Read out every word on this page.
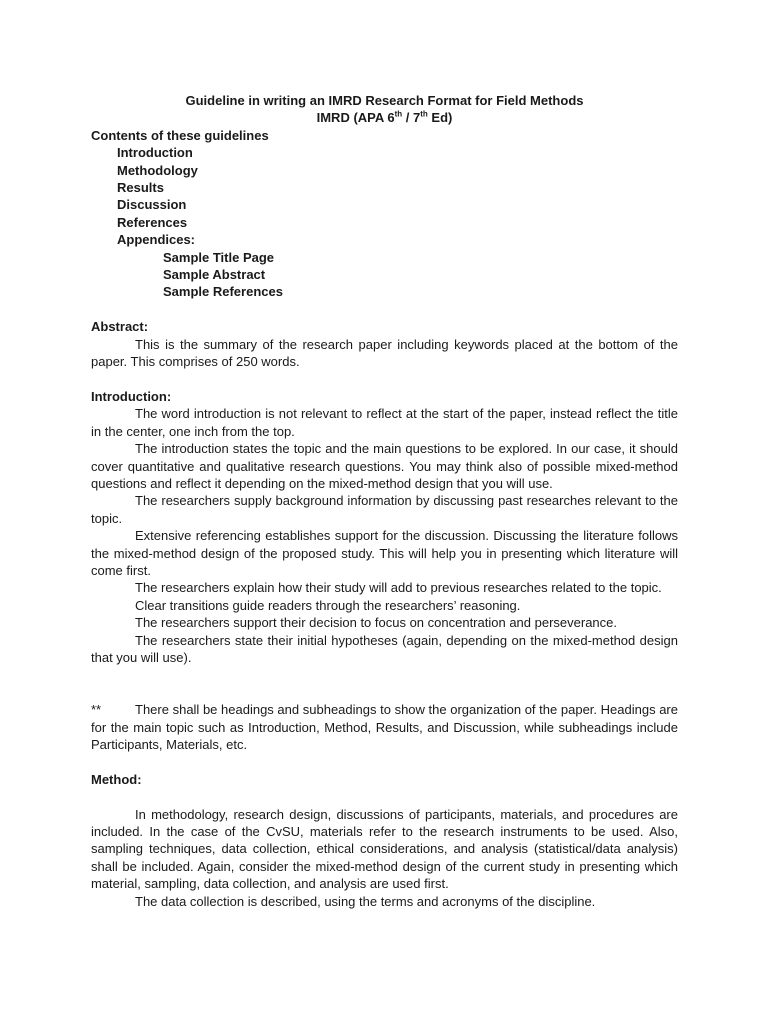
Guideline in writing an IMRD Research Format for Field Methods

IMRD (APA 6th / 7th Ed)

Contents of these guidelines

Introduction
Methodology
Results
Discussion
References
Appendices:
Sample Title Page
Sample Abstract
Sample References

Abstract:

This is the summary of the research paper including keywords placed at the bottom of the paper. This comprises of 250 words.

Introduction:

The word introduction is not relevant to reflect at the start of the paper, instead reflect the title in the center, one inch from the top.

The introduction states the topic and the main questions to be explored. In our case, it should cover quantitative and qualitative research questions. You may think also of possible mixed-method questions and reflect it depending on the mixed-method design that you will use.

The researchers supply background information by discussing past researches relevant to the topic.

Extensive referencing establishes support for the discussion. Discussing the literature follows the mixed-method design of the proposed study. This will help you in presenting which literature will come first.

The researchers explain how their study will add to previous researches related to the topic.

Clear transitions guide readers through the researchers’ reasoning.

The researchers support their decision to focus on concentration and perseverance.

The researchers state their initial hypotheses (again, depending on the mixed-method design that you will use).

**	There shall be headings and subheadings to show the organization of the paper. Headings are for the main topic such as Introduction, Method, Results, and Discussion, while subheadings include Participants, Materials, etc.

Method:

In methodology, research design, discussions of participants, materials, and procedures are included. In the case of the CvSU, materials refer to the research instruments to be used. Also, sampling techniques, data collection, ethical considerations, and analysis (statistical/data analysis) shall be included. Again, consider the mixed-method design of the current study in presenting which material, sampling, data collection, and analysis are used first.

The data collection is described, using the terms and acronyms of the discipline.
